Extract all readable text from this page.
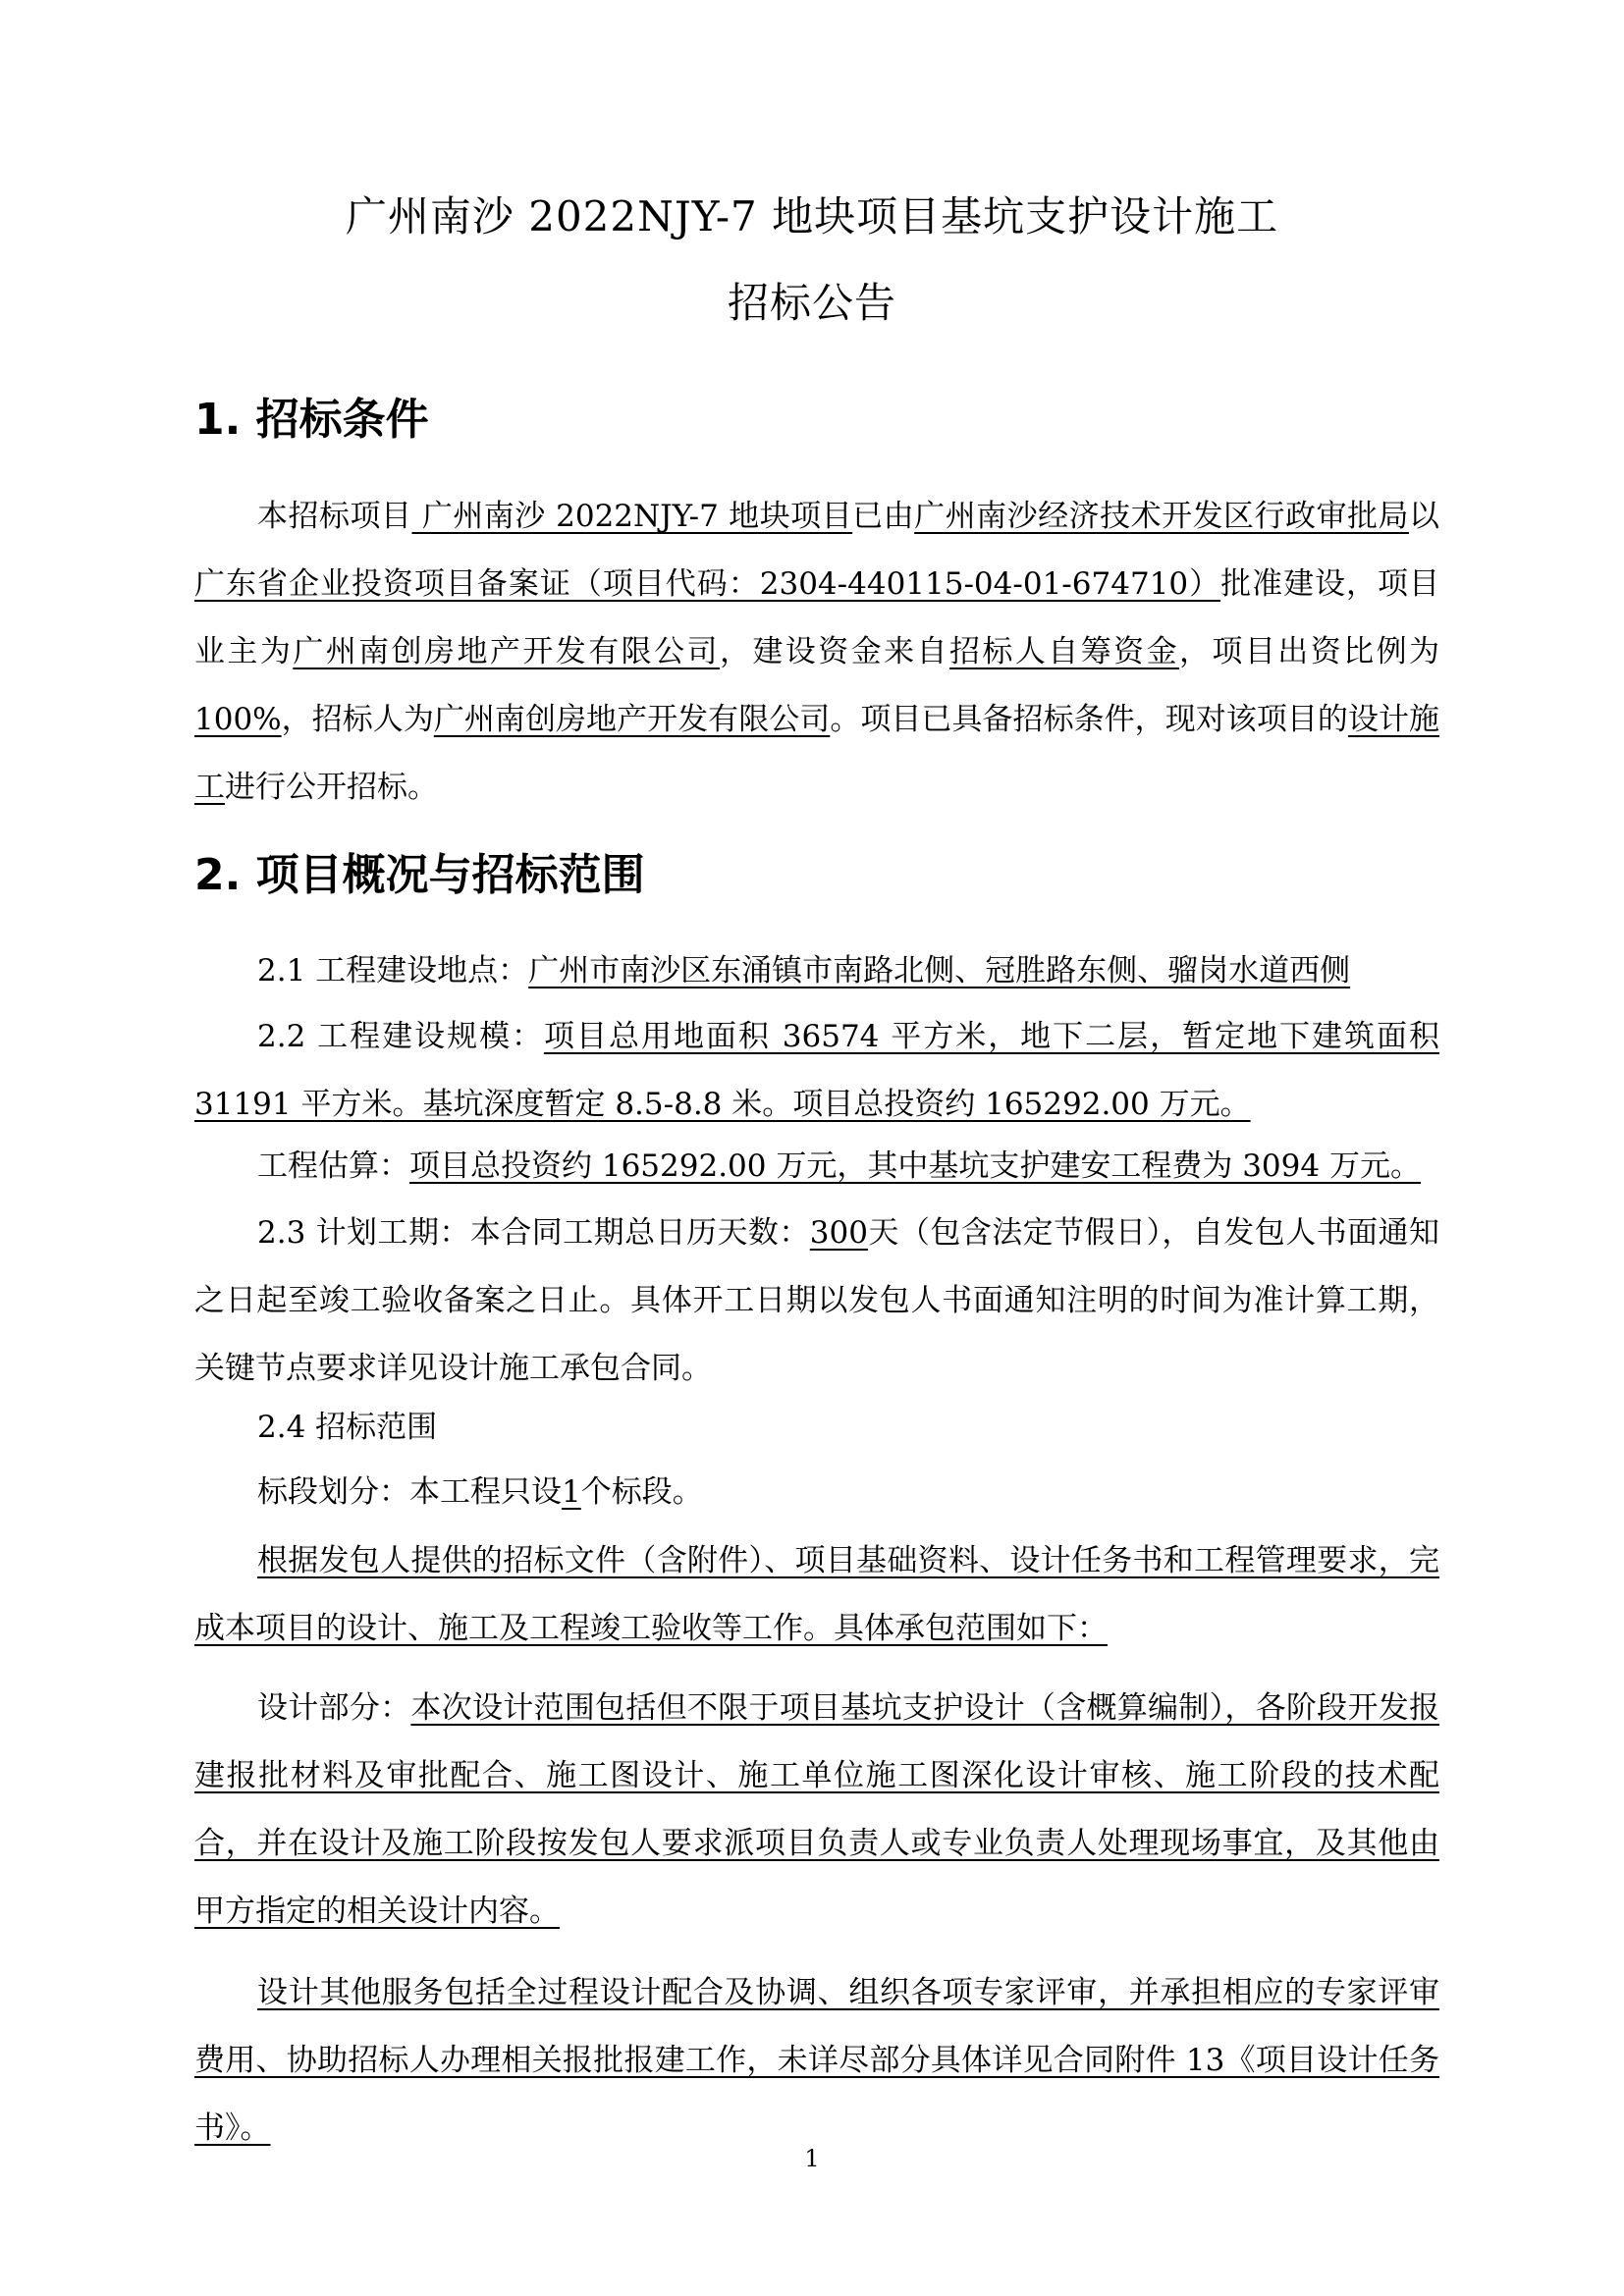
广州南沙 2022NJY-7 地块项目基坑支护设计施工
招标公告
1. 招标条件
本招标项目 广州南沙 2022NJY-7 地块项目已由广州南沙经济技术开发区行政审批局以广东省企业投资项目备案证（项目代码：2304-440115-04-01-674710）批准建设，项目业主为广州南创房地产开发有限公司，建设资金来自招标人自筹资金，项目出资比例为100%，招标人为广州南创房地产开发有限公司。项目已具备招标条件，现对该项目的设计施工进行公开招标。
2. 项目概况与招标范围
2.1 工程建设地点：广州市南沙区东涌镇市南路北侧、冠胜路东侧、骝岗水道西侧
2.2 工程建设规模：项目总用地面积 36574 平方米，地下二层，暂定地下建筑面积 31191 平方米。基坑深度暂定 8.5-8.8 米。项目总投资约 165292.00 万元。
工程估算：项目总投资约 165292.00 万元，其中基坑支护建安工程费为 3094 万元。
2.3 计划工期：本合同工期总日历天数：300天（包含法定节假日），自发包人书面通知之日起至竣工验收备案之日止。具体开工日期以发包人书面通知注明的时间为准计算工期，关键节点要求详见设计施工承包合同。
2.4 招标范围
标段划分：本工程只设1个标段。
根据发包人提供的招标文件（含附件）、项目基础资料、设计任务书和工程管理要求，完成本项目的设计、施工及工程竣工验收等工作。具体承包范围如下：
设计部分：本次设计范围包括但不限于项目基坑支护设计（含概算编制），各阶段开发报建报批材料及审批配合、施工图设计、施工单位施工图深化设计审核、施工阶段的技术配合，并在设计及施工阶段按发包人要求派项目负责人或专业负责人处理现场事宜，及其他由甲方指定的相关设计内容。
设计其他服务包括全过程设计配合及协调、组织各项专家评审，并承担相应的专家评审费用、协助招标人办理相关报批报建工作，未详尽部分具体详见合同附件 13《项目设计任务书》。
1
